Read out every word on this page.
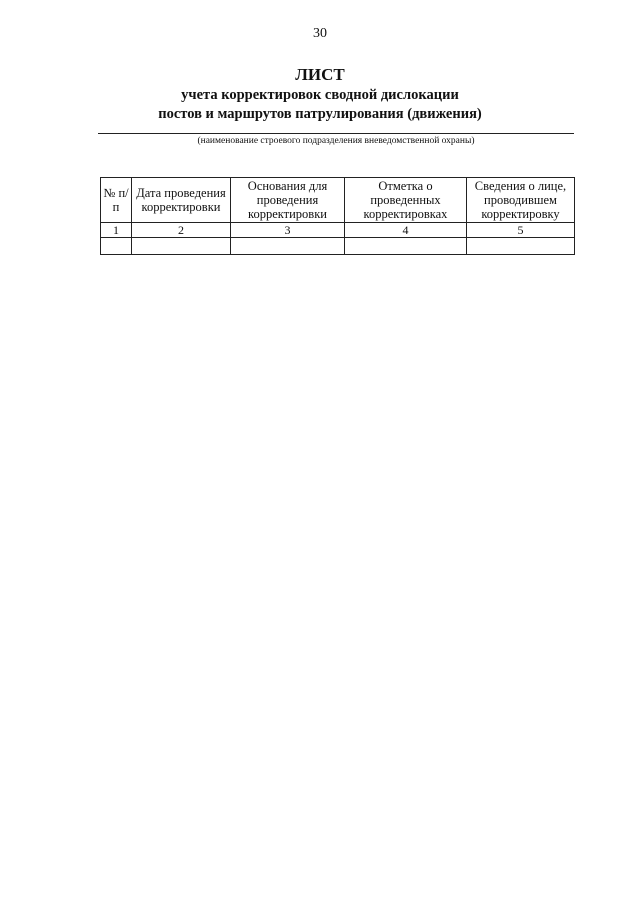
30
ЛИСТ
учета корректировок сводной дислокации
постов и маршрутов патрулирования (движения)
(наименование строевого подразделения вневедомственной охраны)
№ п/п	Дата проведения корректировки	Основания для проведения корректировки	Отметка о проведенных корректировках	Сведения о лице, проводившем корректировку
1	2	3	4	5
